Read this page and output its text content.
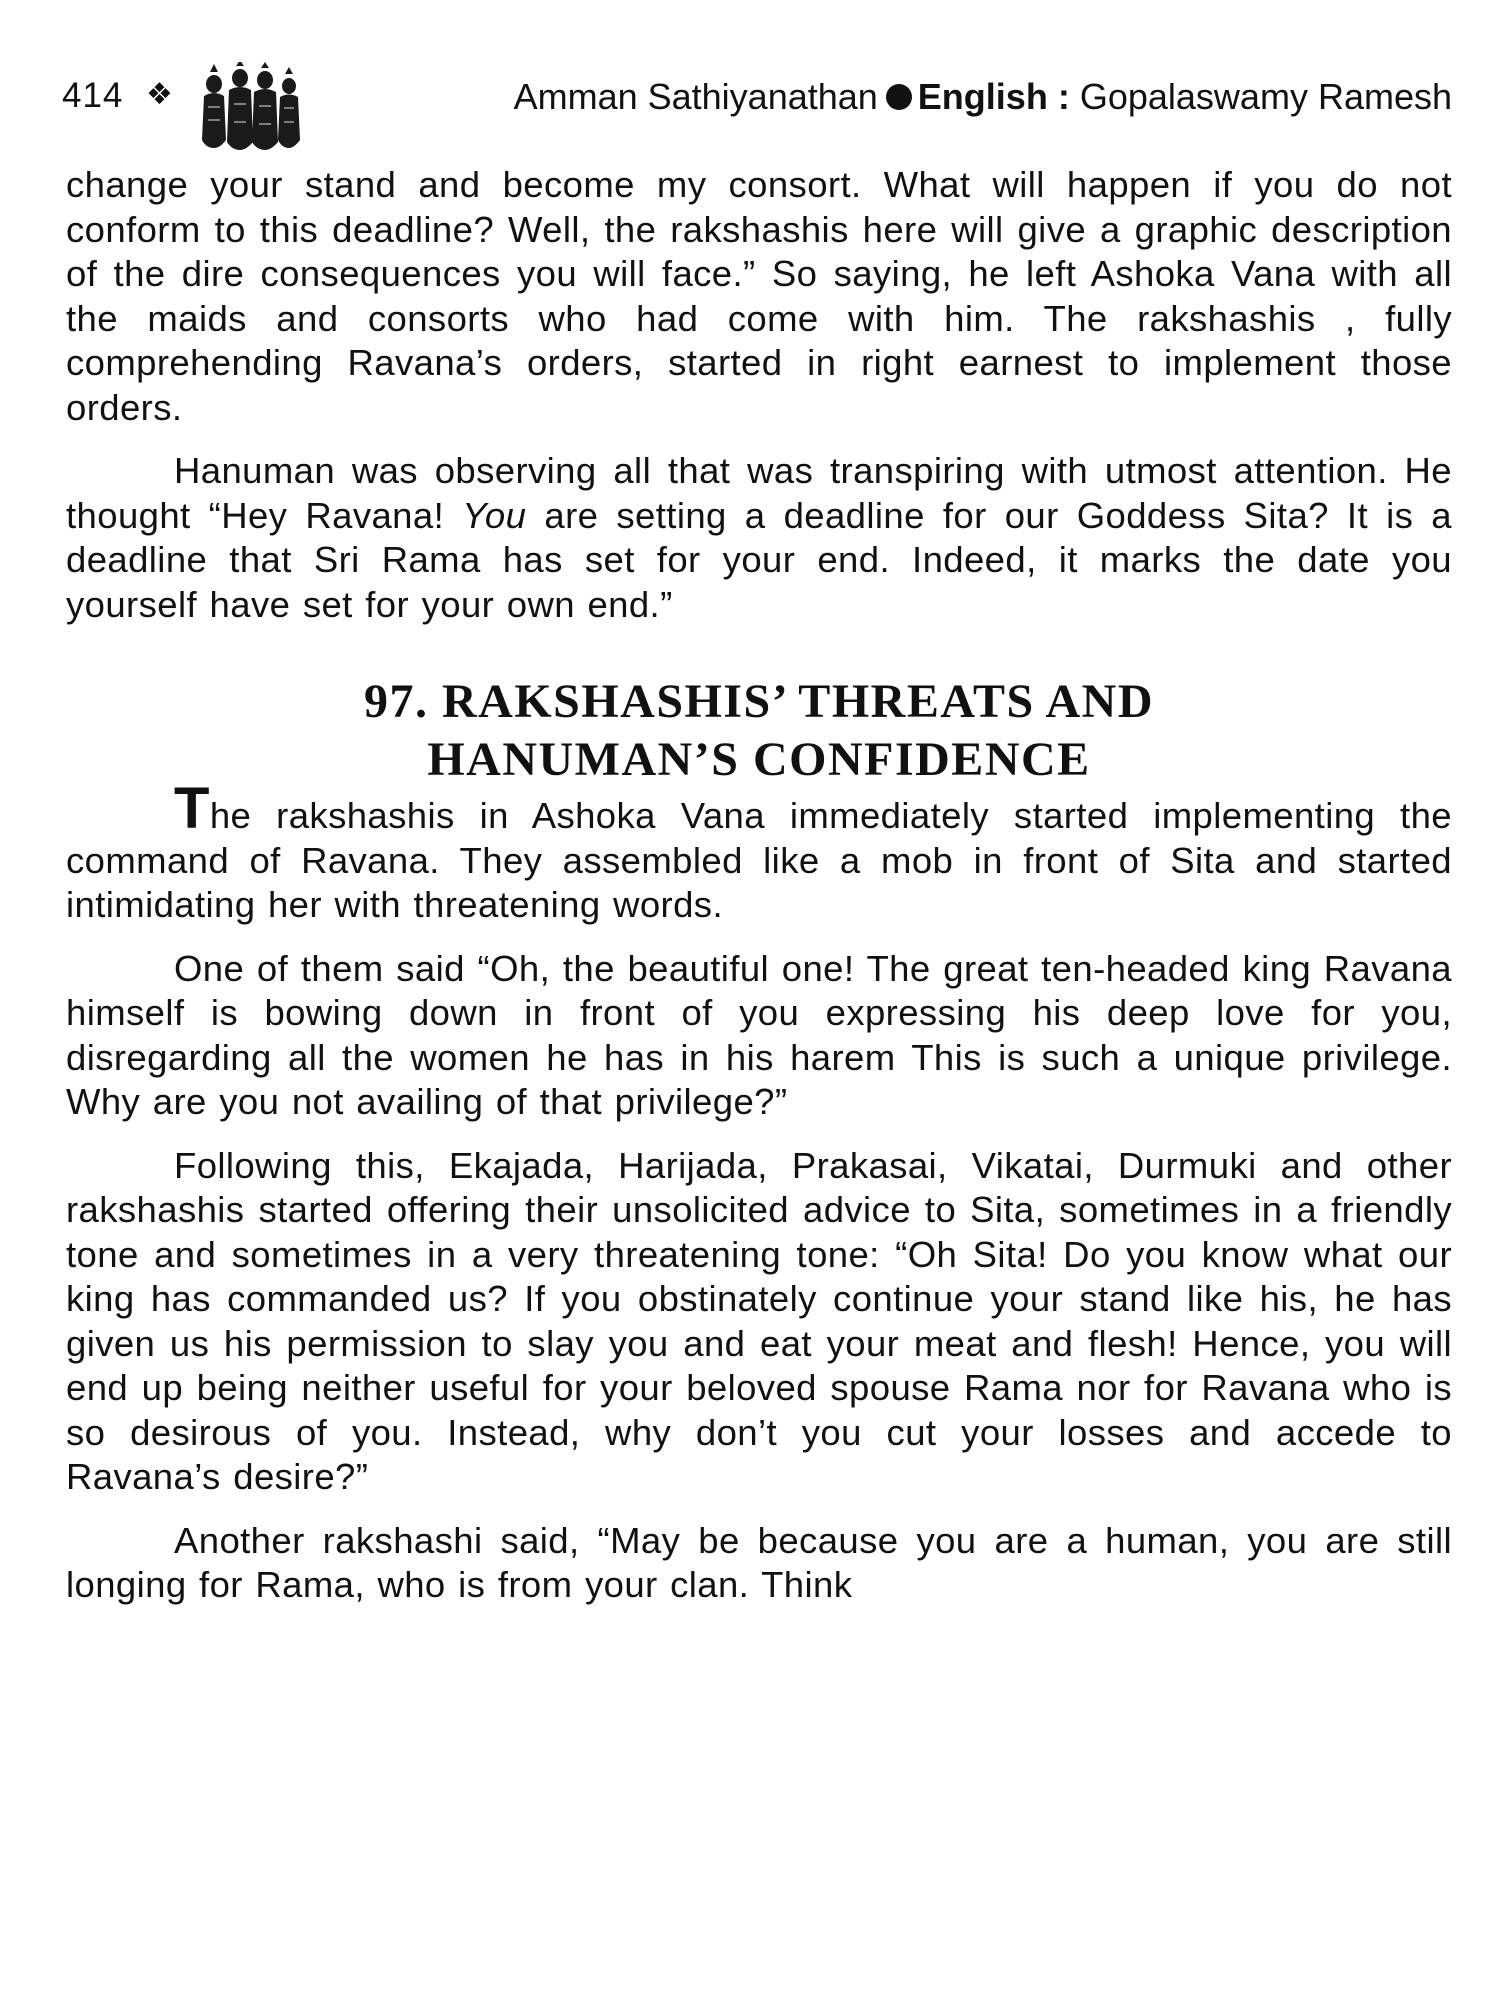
414 ❖	Amman Sathiyanathan English : Gopalaswamy Ramesh

change your stand and become my consort. What will happen if you do not conform to this deadline? Well, the rakshashis here will give a graphic description of the dire consequences you will face.” So saying, he left Ashoka Vana with all the maids and consorts who had come with him. The rakshashis , fully comprehending Ravana’s orders, started in right earnest to implement those orders.

Hanuman was observing all that was transpiring with utmost attention. He thought “Hey Ravana! You are setting a deadline for our Goddess Sita? It is a deadline that Sri Rama has set for your end. Indeed, it marks the date you yourself have set for your own end.”

97. RAKSHASHIS’ THREATS AND
HANUMAN’S CONFIDENCE

The rakshashis in Ashoka Vana immediately started implementing the command of Ravana. They assembled like a mob in front of Sita and started intimidating her with threatening words.

One of them said “Oh, the beautiful one! The great ten-headed king Ravana himself is bowing down in front of you expressing his deep love for you, disregarding all the women he has in his harem This is such a unique privilege. Why are you not availing of that privilege?”

Following this, Ekajada, Harijada, Prakasai, Vikatai, Durmuki and other rakshashis started offering their unsolicited advice to Sita, sometimes in a friendly tone and sometimes in a very threatening tone: “Oh Sita! Do you know what our king has commanded us? If you obstinately continue your stand like his, he has given us his permission to slay you and eat your meat and flesh! Hence, you will end up being neither useful for your beloved spouse Rama nor for Ravana who is so desirous of you. Instead, why don’t you cut your losses and accede to Ravana’s desire?”

Another rakshashi said, “May be because you are a human, you are still longing for Rama, who is from your clan. Think
